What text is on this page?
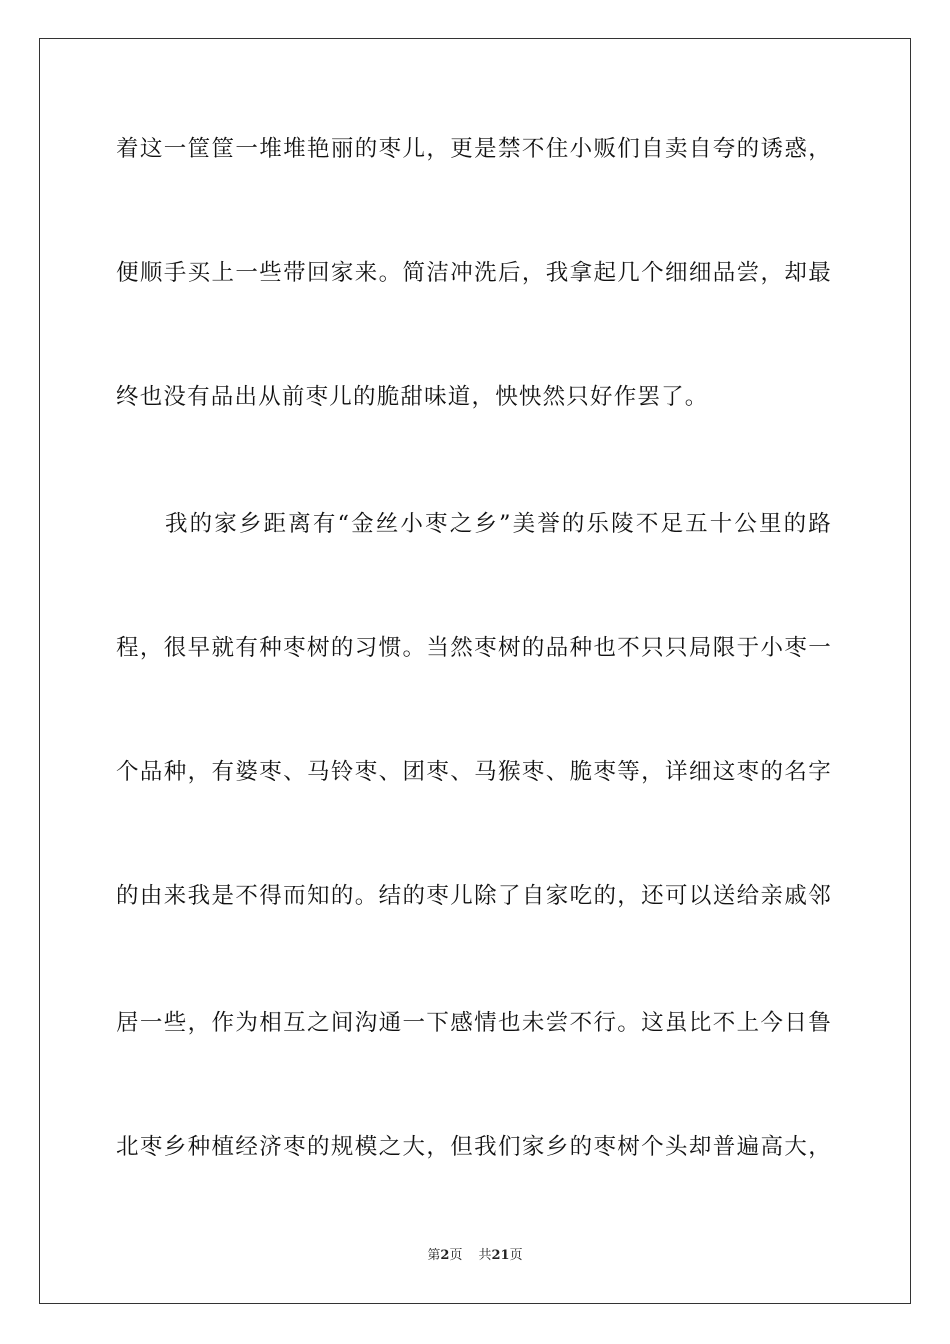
着这一筐筐一堆堆艳丽的枣儿，更是禁不住小贩们自卖自夸的诱惑，
便顺手买上一些带回家来。简洁冲洗后，我拿起几个细细品尝，却最
终也没有品出从前枣儿的脆甜味道，怏怏然只好作罢了。
我的家乡距离有“金丝小枣之乡”美誉的乐陵不足五十公里的路
程，很早就有种枣树的习惯。当然枣树的品种也不只只局限于小枣一
个品种，有婆枣、马铃枣、团枣、马猴枣、脆枣等，详细这枣的名字
的由来我是不得而知的。结的枣儿除了自家吃的，还可以送给亲戚邻
居一些，作为相互之间沟通一下感情也未尝不行。这虽比不上今日鲁
北枣乡种植经济枣的规模之大，但我们家乡的枣树个头却普遍高大，
第2页 共21页
